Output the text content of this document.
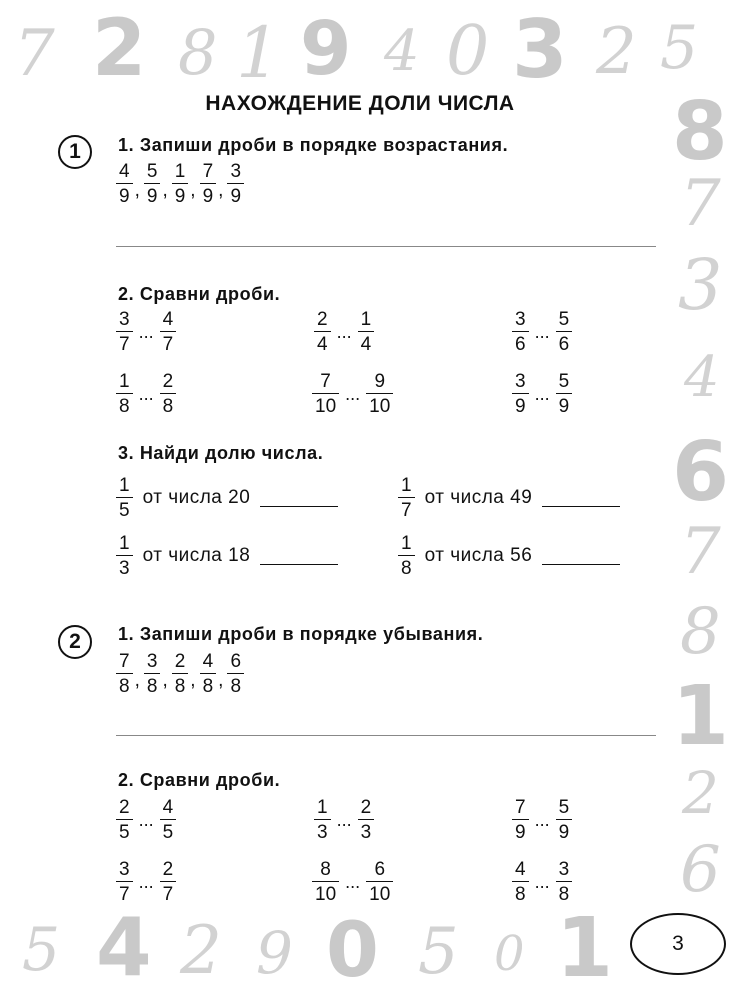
7 2 8 1 9 4 0 3 2 5
8
7
3
4
6
7
8
1
2
6
5 4 2 9 0 5 0 1
НАХОЖДЕНИЕ ДОЛИ ЧИСЛА
1	1. Запиши дроби в порядке возрастания.
$\frac{4}{9}$ , $\frac{5}{9}$ , $\frac{1}{9}$ , $\frac{7}{9}$ , $\frac{3}{9}$
2. Сравни дроби.
$\frac{3}{7}$ ... $\frac{4}{7}$	$\frac{2}{4}$ ... $\frac{1}{4}$	$\frac{3}{6}$ ... $\frac{5}{6}$
$\frac{1}{8}$ ... $\frac{2}{8}$	$\frac{7}{10}$ ... $\frac{9}{10}$	$\frac{3}{9}$ ... $\frac{5}{9}$
3. Найди долю числа.
$\frac{1}{5}$ от числа 20	$\frac{1}{7}$ от числа 49
$\frac{1}{3}$ от числа 18	$\frac{1}{8}$ от числа 56
2	1. Запиши дроби в порядке убывания.
$\frac{7}{8}$ , $\frac{3}{8}$ , $\frac{2}{8}$ , $\frac{4}{8}$ , $\frac{6}{8}$
2. Сравни дроби.
$\frac{2}{5}$ ... $\frac{4}{5}$	$\frac{1}{3}$ ... $\frac{2}{3}$	$\frac{7}{9}$ ... $\frac{5}{9}$
$\frac{3}{7}$ ... $\frac{2}{7}$	$\frac{8}{10}$ ... $\frac{6}{10}$	$\frac{4}{8}$ ... $\frac{3}{8}$
3
